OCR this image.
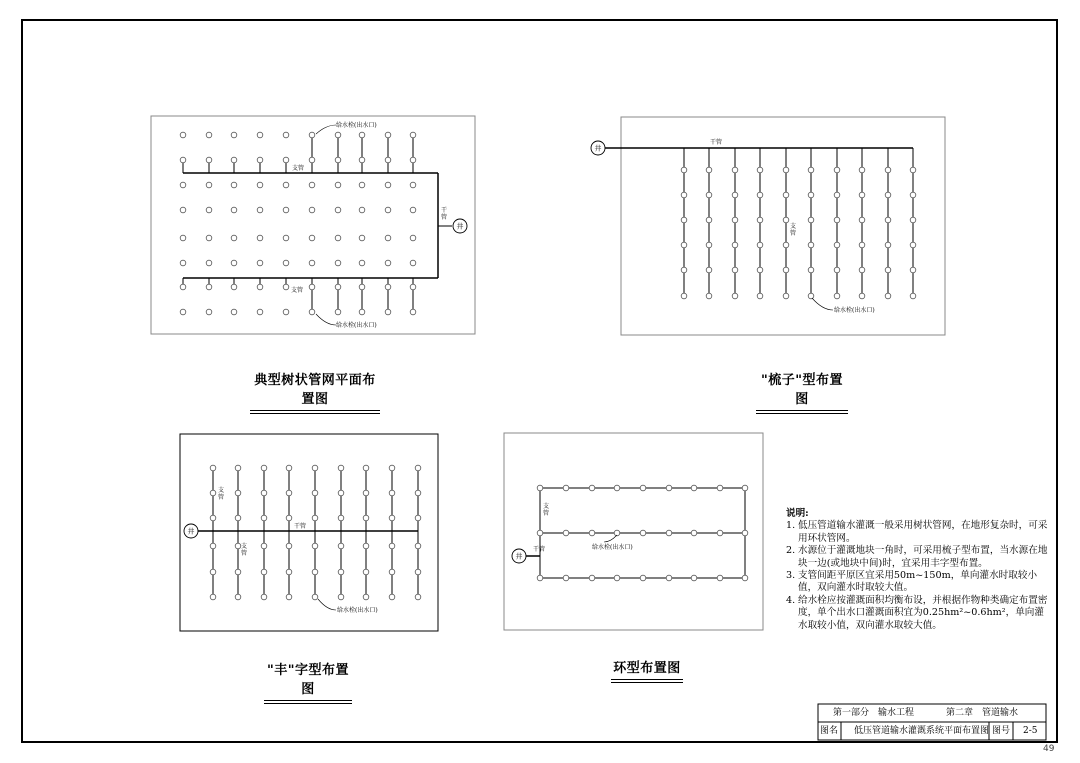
井
干
管
支管
支管
给水栓(出水口)
给水栓(出水口)
井
干管
支
管
给水栓(出水口)
井
干管
支
管
支
管
给水栓(出水口)
井
支
管
干管	给水栓(出水口)
典型树状管网平面布置图
"梳子"型布置图
"丰"字型布置图
环型布置图
说明:

1. 低压管道输水灌溉一般采用树状管网，在地形复杂时，可采用环状管网。

2. 水源位于灌溉地块一角时，可采用梳子型布置，当水源在地块一边(或地块中间)时，宜采用丰字型布置。

3. 支管间距平原区宜采用50m~150m，单向灌水时取较小值，双向灌水时取较大值。

4. 给水栓应按灌溉面积均衡布设，并根据作物种类确定布置密度，单个出水口灌溉面积宜为0.25hm²~0.6hm²，单向灌水取较小值，双向灌水取较大值。

第一部分 输水工程	第二章 管道输水
图名 低压管道输水灌溉系统平面布置图 图号 2-5
49
